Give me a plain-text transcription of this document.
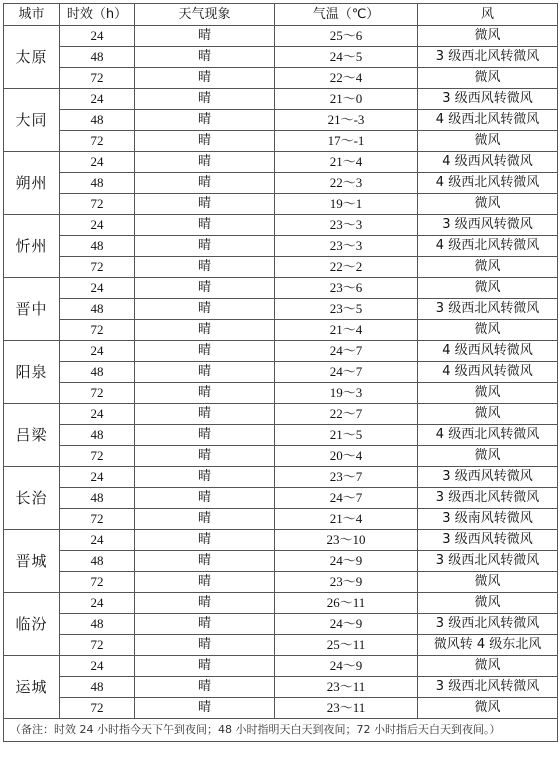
城市	时效（h）	天气现象	气温（℃）	风
太原	24	晴	25～6	微风
	48	晴	24～5	3 级西北风转微风
	72	晴	22～4	微风
大同	24	晴	21～0	3 级西风转微风
	48	晴	21～-3	4 级西北风转微风
	72	晴	17～-1	微风
朔州	24	晴	21～4	4 级西风转微风
	48	晴	22～3	4 级西北风转微风
	72	晴	19～1	微风
忻州	24	晴	23～3	3 级西风转微风
	48	晴	23～3	4 级西北风转微风
	72	晴	22～2	微风
晋中	24	晴	23～6	微风
	48	晴	23～5	3 级西北风转微风
	72	晴	21～4	微风
阳泉	24	晴	24～7	4 级西风转微风
	48	晴	24～7	4 级西风转微风
	72	晴	19～3	微风
吕梁	24	晴	22～7	微风
	48	晴	21～5	4 级西北风转微风
	72	晴	20～4	微风
长治	24	晴	23～7	3 级西风转微风
	48	晴	24～7	3 级西北风转微风
	72	晴	21～4	3 级南风转微风
晋城	24	晴	23～10	3 级西风转微风
	48	晴	24～9	3 级西北风转微风
	72	晴	23～9	微风
临汾	24	晴	26～11	微风
	48	晴	24～9	3 级西北风转微风
	72	晴	25～11	微风转 4 级东北风
运城	24	晴	24～9	微风
	48	晴	23～11	3 级西北风转微风
	72	晴	23～11	微风
（备注：时效 24 小时指今天下午到夜间；48 小时指明天白天到夜间；72 小时指后天白天到夜间。）				
